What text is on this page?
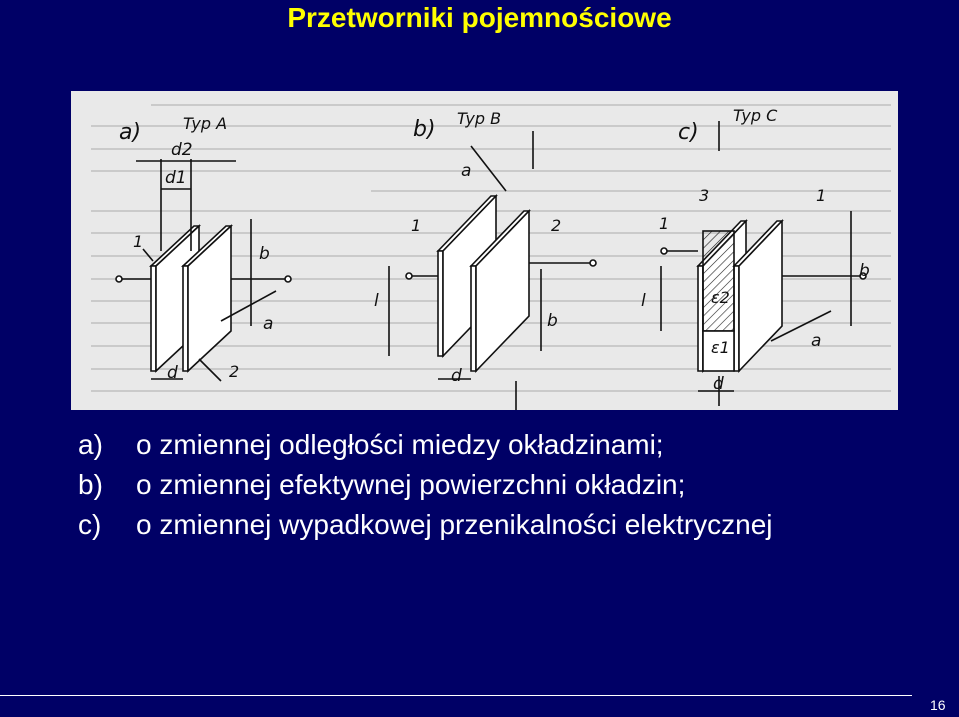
Przetworniki pojemnościowe
a)	Typ A
d2
d1
b
a
d
1
2
b) Typ B
a
l
b
d
1	2
c)
Typ C
l
b
a
d
ε2
ε1
3	1
1
a) o zmiennej odległości miedzy okładzinami;
b) o zmiennej efektywnej powierzchni okładzin;
c) o zmiennej wypadkowej przenikalności elektrycznej
16
